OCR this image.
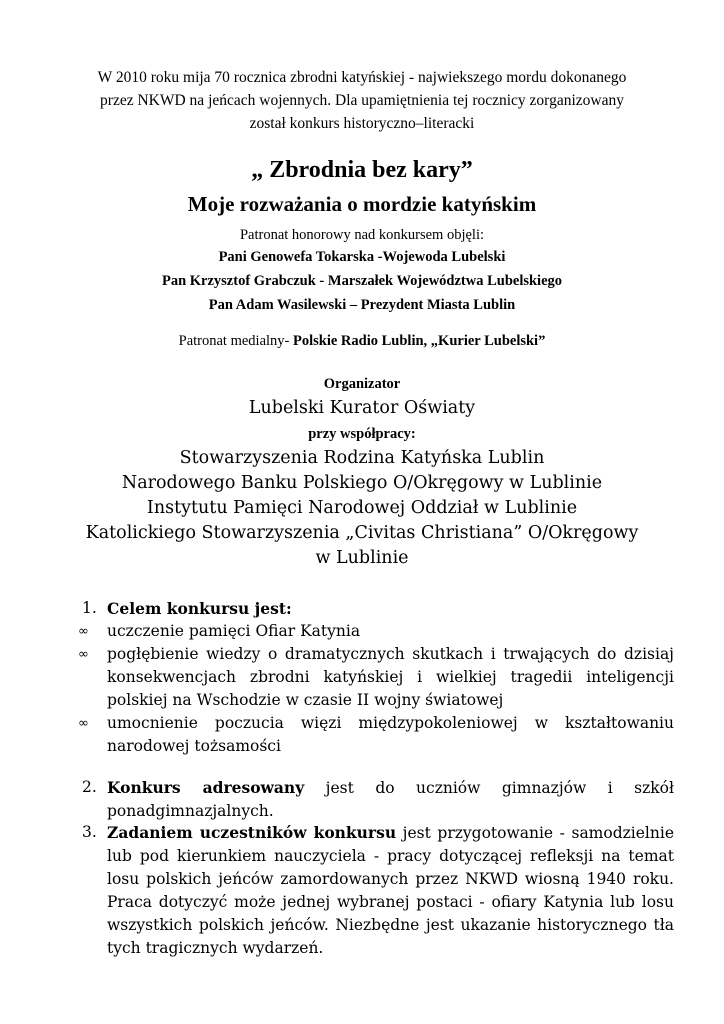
W 2010 roku mija 70 rocznica zbrodni katyńskiej - najwiekszego mordu dokonanego przez NKWD na jeńcach wojennych. Dla upamiętnienia tej rocznicy zorganizowany został konkurs historyczno–literacki
„ Zbrodnia bez kary”
Moje rozważania o mordzie katyńskim
Patronat honorowy nad konkursem objęli:
Pani Genowefa Tokarska -Wojewoda Lubelski
Pan Krzysztof Grabczuk - Marszałek Województwa Lubelskiego
Pan Adam Wasilewski – Prezydent Miasta Lublin
Patronat medialny- Polskie Radio Lublin, „Kurier Lubelski”
Organizator
Lubelski Kurator Oświaty
przy współpracy:
Stowarzyszenia Rodzina Katyńska Lublin
Narodowego Banku Polskiego O/Okręgowy w Lublinie
Instytutu Pamięci Narodowej Oddział w Lublinie
Katolickiego Stowarzyszenia „Civitas Christiana” O/Okręgowy
w Lublinie
1. Celem konkursu jest:
∞	uczczenie pamięci Ofiar Katynia
∞	pogłębienie wiedzy o dramatycznych skutkach i trwających do dzisiaj konsekwencjach zbrodni katyńskiej i wielkiej tragedii inteligencji polskiej na Wschodzie w czasie II wojny światowej
∞	umocnienie poczucia więzi międzypokoleniowej w kształtowaniu narodowej tożsamości
2. Konkurs adresowany jest do uczniów gimnazjów i szkół ponadgimnazjalnych.
3. Zadaniem uczestników konkursu jest przygotowanie - samodzielnie lub pod kierunkiem nauczyciela - pracy dotyczącej refleksji na temat losu polskich jeńców zamordowanych przez NKWD wiosną 1940 roku. Praca dotyczyć może jednej wybranej postaci - ofiary Katynia lub losu wszystkich polskich jeńców. Niezbędne jest ukazanie historycznego tła tych tragicznych wydarzeń.
